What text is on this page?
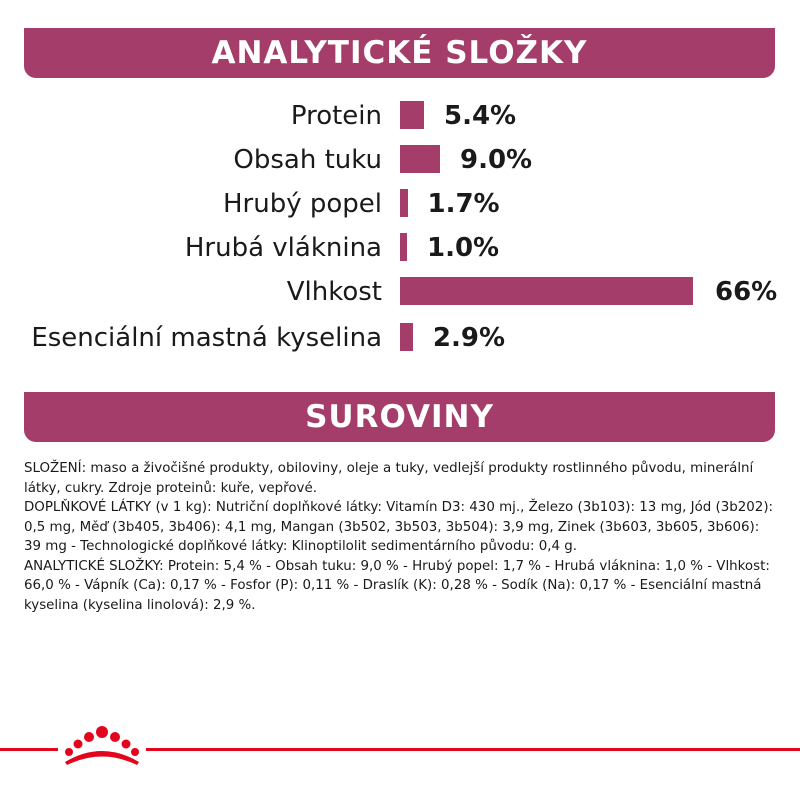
ANALYTICKÉ SLOŽKY
Protein 5.4%
Obsah tuku	9.0%
Hrubý popel 1.7%
Hrubá vláknina 1.0%
Vlhkost	66%
Esenciální mastná kyselina 2.9%
SUROVINY

SLOŽENÍ: maso a živočišné produkty, obiloviny, oleje a tuky, vedlejší produkty rostlinného původu, minerální látky, cukry. Zdroje proteinů: kuře, vepřové.

DOPLŇKOVÉ LÁTKY (v 1 kg): Nutriční doplňkové látky: Vitamín D3: 430 mj., Železo (3b103): 13 mg, Jód (3b202): 0,5 mg, Měď (3b405, 3b406): 4,1 mg, Mangan (3b502, 3b503, 3b504): 3,9 mg, Zinek (3b603, 3b605, 3b606): 39 mg - Technologické doplňkové látky: Klinoptilolit sedimentárního původu: 0,4 g.

ANALYTICKÉ SLOŽKY: Protein: 5,4 % - Obsah tuku: 9,0 % - Hrubý popel: 1,7 % - Hrubá vláknina: 1,0 % - Vlhkost: 66,0 % - Vápník (Ca): 0,17 % - Fosfor (P): 0,11 % - Draslík (K): 0,28 % - Sodík (Na): 0,17 % - Esenciální mastná kyselina (kyselina linolová): 2,9 %.
